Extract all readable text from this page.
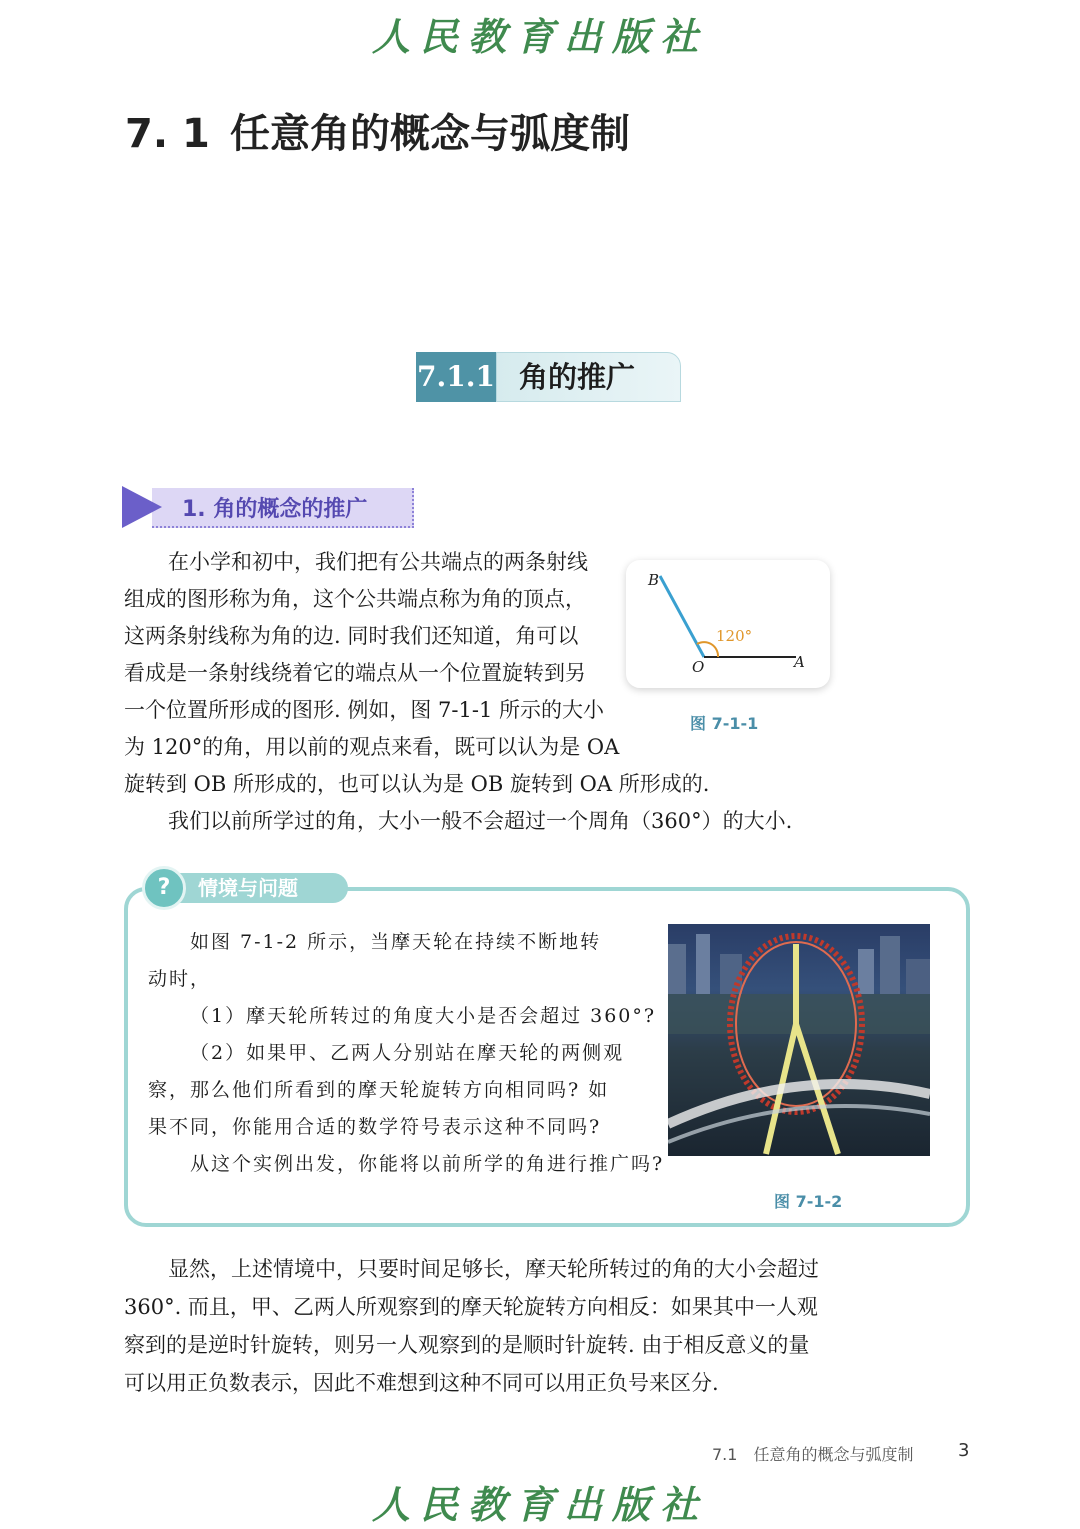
人民教育出版社
7. 1 任意角的概念与弧度制
7.1.1 角的推广
1. 角的概念的推广
在小学和初中，我们把有公共端点的两条射线
组成的图形称为角，这个公共端点称为角的顶点，
这两条射线称为角的边. 同时我们还知道，角可以
看成是一条射线绕着它的端点从一个位置旋转到另
一个位置所形成的图形. 例如，图 7-1-1 所示的大小
为 120°的角，用以前的观点来看，既可以认为是 OA
旋转到 OB 所形成的，也可以认为是 OB 旋转到 OA 所形成的.
我们以前所学过的角，大小一般不会超过一个周角（360°）的大小.
B
O	A
120°
图 7-1-1
情境与问题
?
如图 7-1-2 所示，当摩天轮在持续不断地转
动时，
（1）摩天轮所转过的角度大小是否会超过 360°?
（2）如果甲、乙两人分别站在摩天轮的两侧观
察，那么他们所看到的摩天轮旋转方向相同吗? 如
果不同，你能用合适的数学符号表示这种不同吗?
从这个实例出发，你能将以前所学的角进行推广吗?
图 7-1-2
显然，上述情境中，只要时间足够长，摩天轮所转过的角的大小会超过
360°. 而且，甲、乙两人所观察到的摩天轮旋转方向相反：如果其中一人观
察到的是逆时针旋转，则另一人观察到的是顺时针旋转. 由于相反意义的量
可以用正负数表示，因此不难想到这种不同可以用正负号来区分.
7.1　任意角的概念与弧度制 3
人民教育出版社
